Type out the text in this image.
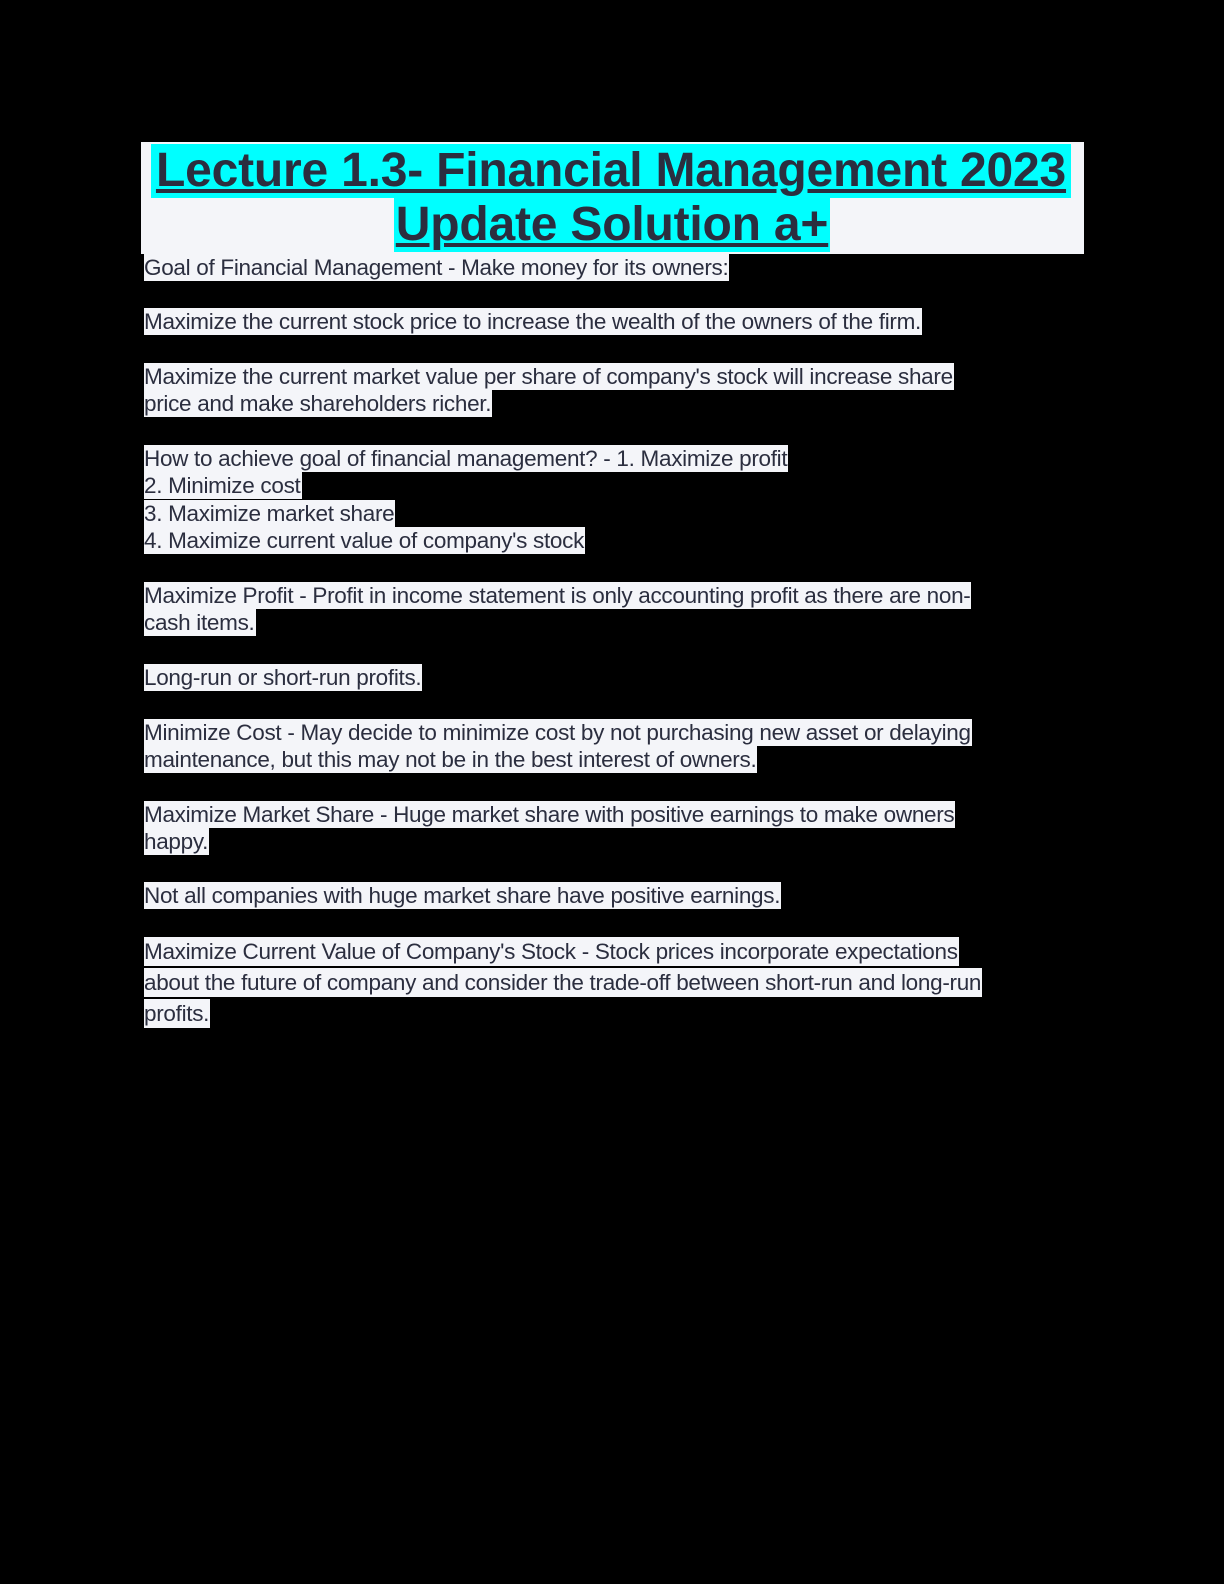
Lecture 1.3- Financial Management 2023
Update Solution a+
Goal of Financial Management - Make money for its owners:
Maximize the current stock price to increase the wealth of the owners of the firm.
Maximize the current market value per share of company's stock will increase share
price and make shareholders richer.
How to achieve goal of financial management? - 1. Maximize profit
2. Minimize cost
3. Maximize market share
4. Maximize current value of company's stock
Maximize Profit - Profit in income statement is only accounting profit as there are non-
cash items.
Long-run or short-run profits.
Minimize Cost - May decide to minimize cost by not purchasing new asset or delaying
maintenance, but this may not be in the best interest of owners.
Maximize Market Share - Huge market share with positive earnings to make owners
happy.
Not all companies with huge market share have positive earnings.
Maximize Current Value of Company's Stock - Stock prices incorporate expectations
about the future of company and consider the trade-off between short-run and long-run
profits.
